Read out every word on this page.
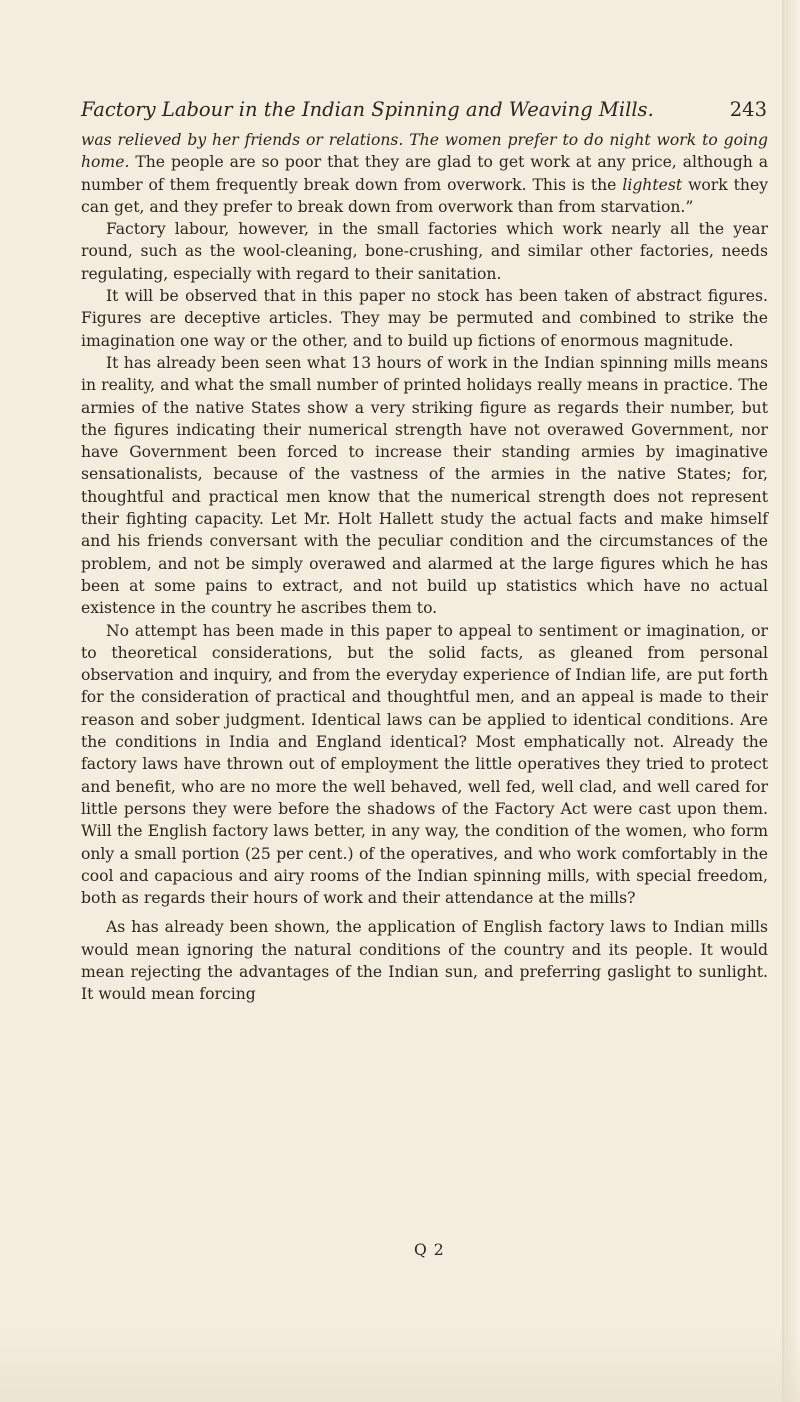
Factory Labour in the Indian Spinning and Weaving Mills.	243

was relieved by her friends or relations. The women prefer to do night work to going home. The people are so poor that they are glad to get work at any price, although a number of them frequently break down from overwork. This is the lightest work they can get, and they prefer to break down from overwork than from starvation.”

Factory labour, however, in the small factories which work nearly all the year round, such as the wool-cleaning, bone-crushing, and similar other factories, needs regulating, especially with regard to their sanitation.

It will be observed that in this paper no stock has been taken of abstract figures. Figures are deceptive articles. They may be permuted and combined to strike the imagination one way or the other, and to build up fictions of enormous magnitude.

It has already been seen what 13 hours of work in the Indian spinning mills means in reality, and what the small number of printed holidays really means in practice. The armies of the native States show a very striking figure as regards their number, but the figures indicating their numerical strength have not overawed Government, nor have Government been forced to increase their standing armies by imaginative sensationalists, because of the vastness of the armies in the native States; for, thoughtful and practical men know that the numerical strength does not represent their fighting capacity. Let Mr. Holt Hallett study the actual facts and make himself and his friends conversant with the peculiar condition and the circumstances of the problem, and not be simply overawed and alarmed at the large figures which he has been at some pains to extract, and not build up statistics which have no actual existence in the country he ascribes them to.

No attempt has been made in this paper to appeal to sentiment or imagination, or to theoretical considerations, but the solid facts, as gleaned from personal observation and inquiry, and from the everyday experience of Indian life, are put forth for the consideration of practical and thoughtful men, and an appeal is made to their reason and sober judgment. Identical laws can be applied to identical conditions. Are the conditions in India and England identical? Most emphatically not. Already the factory laws have thrown out of employment the little operatives they tried to protect and benefit, who are no more the well behaved, well fed, well clad, and well cared for little persons they were before the shadows of the Factory Act were cast upon them. Will the English factory laws better, in any way, the condition of the women, who form only a small portion (25 per cent.) of the operatives, and who work comfortably in the cool and capacious and airy rooms of the Indian spinning mills, with special freedom, both as regards their hours of work and their attendance at the mills?

As has already been shown, the application of English factory laws to Indian mills would mean ignoring the natural conditions of the country and its people. It would mean rejecting the advantages of the Indian sun, and preferring gaslight to sunlight. It would mean forcing

Q 2
